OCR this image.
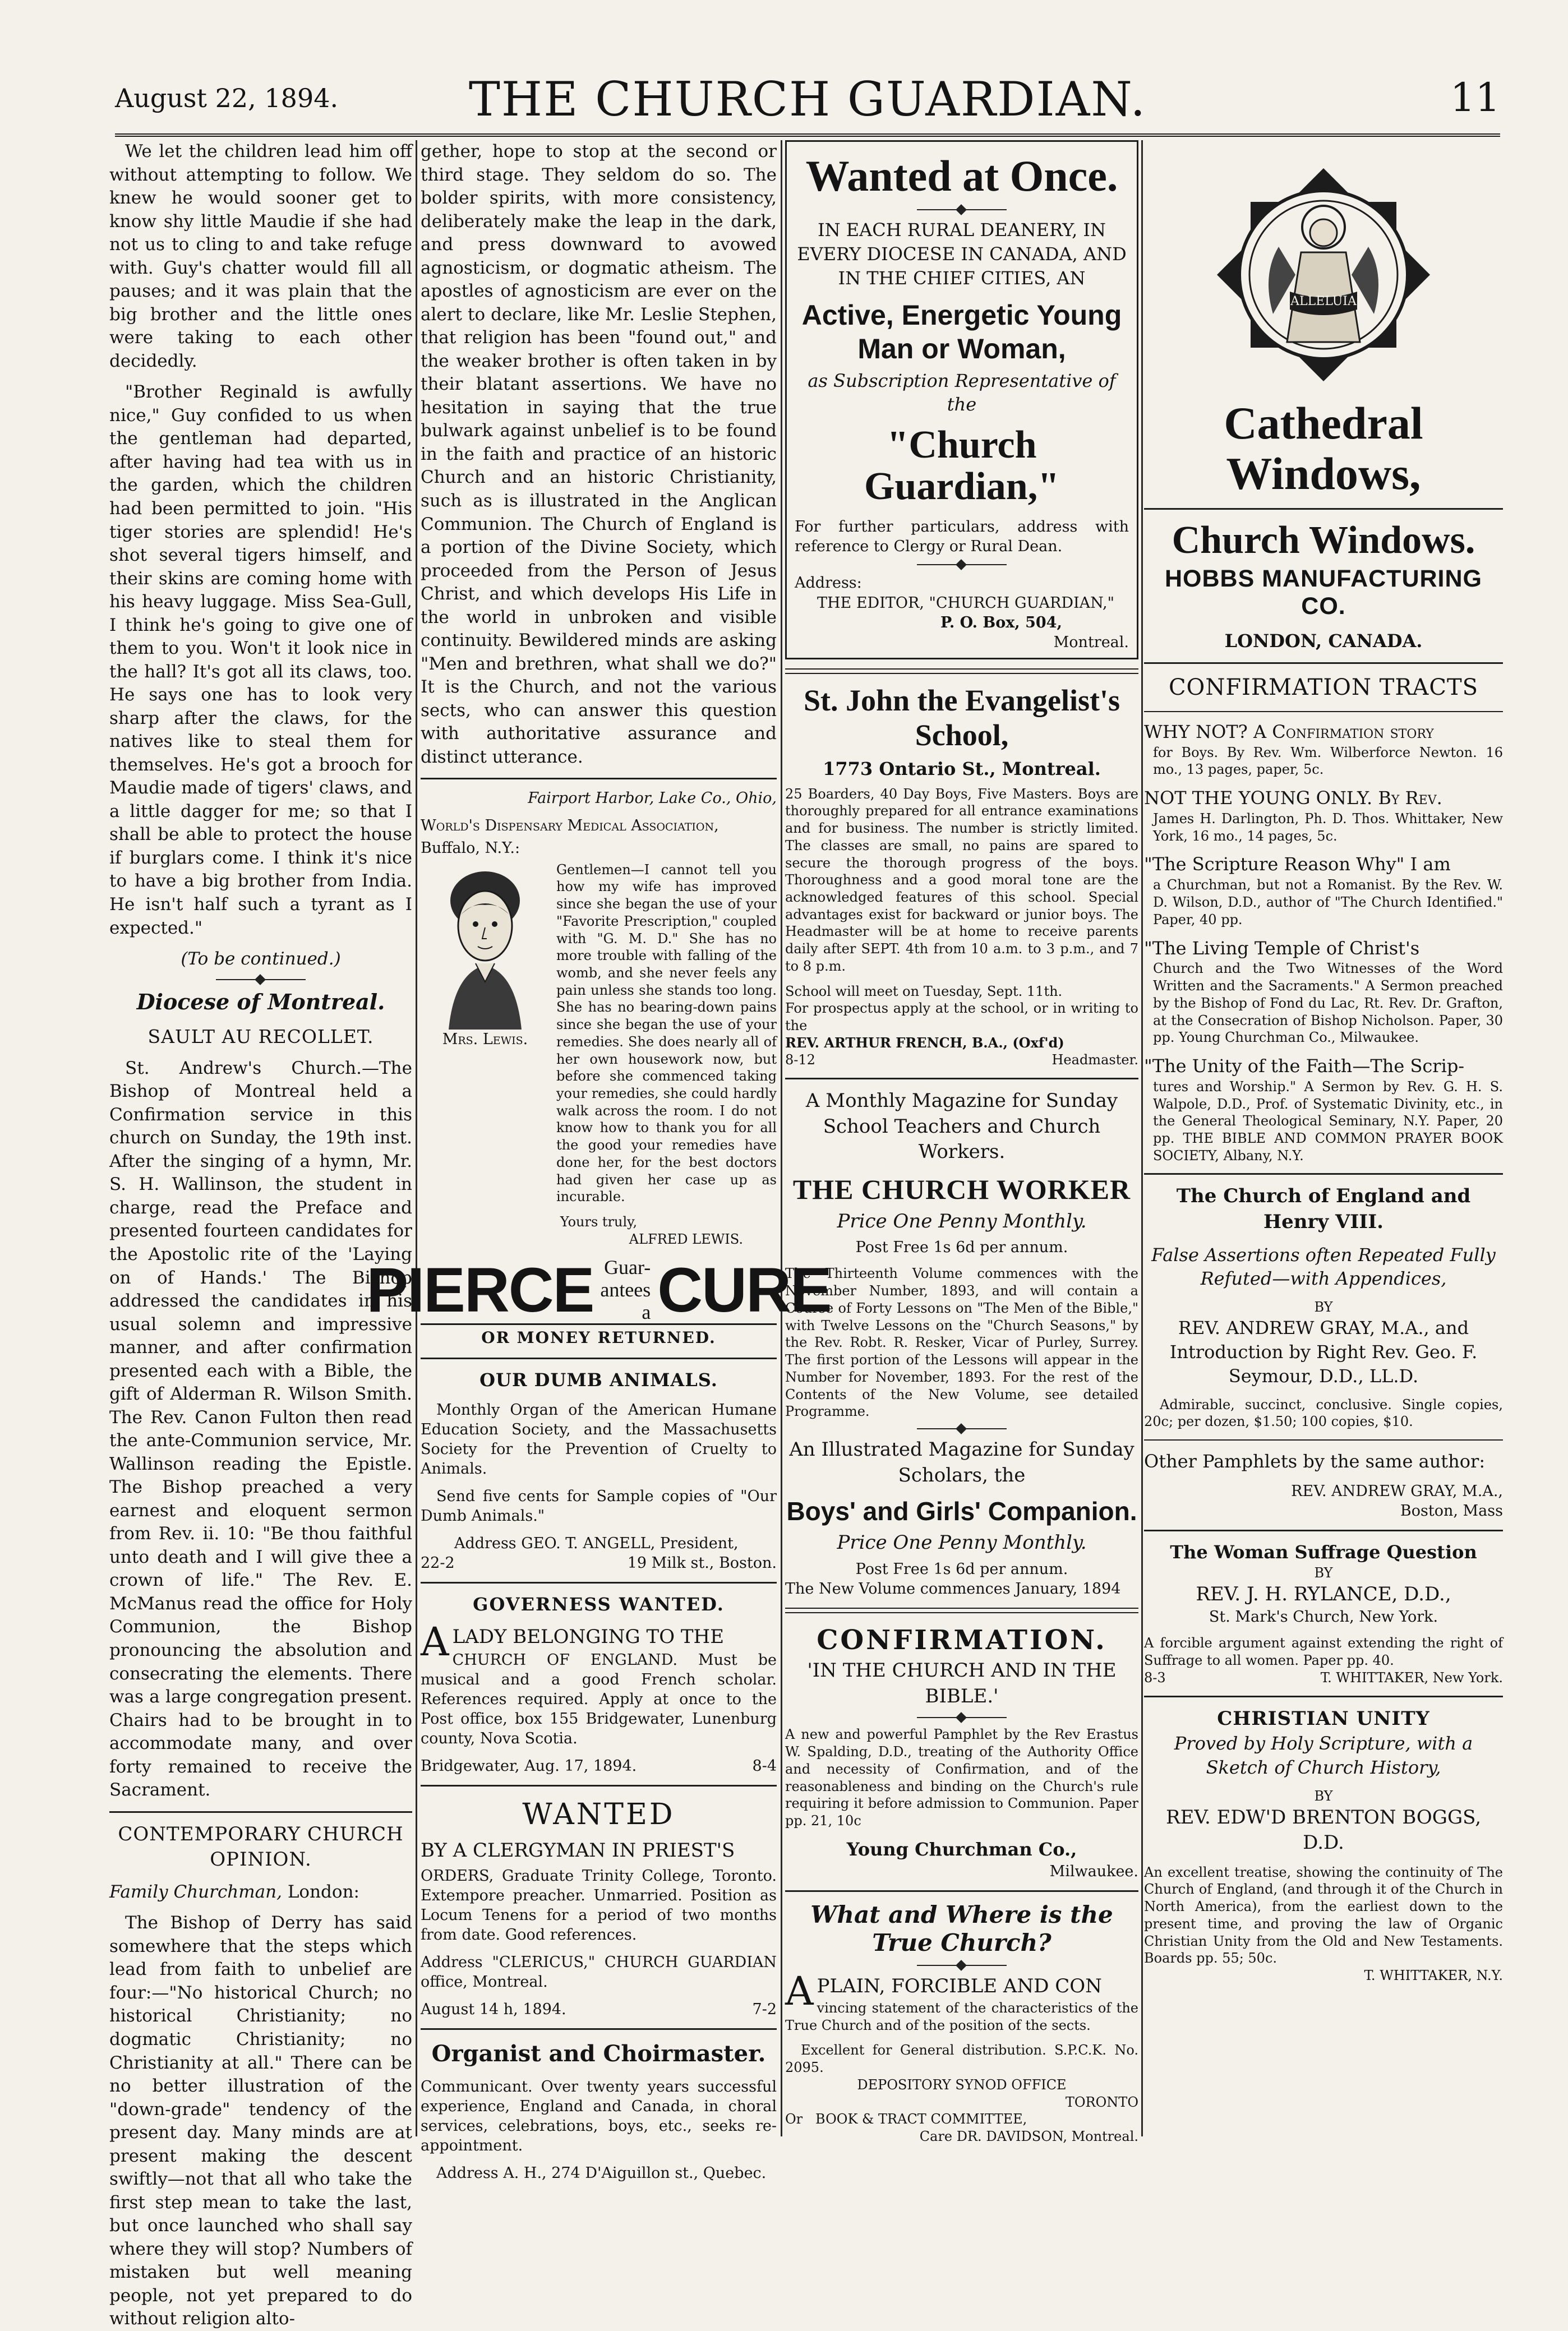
August 22, 1894.	THE CHURCH GUARDIAN.	11

We let the children lead him off without attempting to follow. We knew he would sooner get to know shy little Maudie if she had not us to cling to and take refuge with. Guy's chatter would fill all pauses; and it was plain that the big brother and the little ones were taking to each other decidedly.

"Brother Reginald is awfully nice," Guy confided to us when the gentleman had departed, after having had tea with us in the garden, which the children had been permitted to join. "His tiger stories are splendid! He's shot several tigers himself, and their skins are coming home with his heavy luggage. Miss Sea-Gull, I think he's going to give one of them to you. Won't it look nice in the hall? It's got all its claws, too. He says one has to look very sharp after the claws, for the natives like to steal them for themselves. He's got a brooch for Maudie made of tigers' claws, and a little dagger for me; so that I shall be able to protect the house if burglars come. I think it's nice to have a big brother from India. He isn't half such a tyrant as I expected."

(To be continued.)

Diocese of Montreal.

SAULT AU RECOLLET.

St. Andrew's Church.—The Bishop of Montreal held a Confirmation service in this church on Sunday, the 19th inst. After the singing of a hymn, Mr. S. H. Wallinson, the student in charge, read the Preface and presented fourteen candidates for the Apostolic rite of the 'Laying on of Hands.' The Bishop addressed the candidates in his usual solemn and impressive manner, and after confirmation presented each with a Bible, the gift of Alderman R. Wilson Smith. The Rev. Canon Fulton then read the ante-Communion service, Mr. Wallinson reading the Epistle. The Bishop preached a very earnest and eloquent sermon from Rev. ii. 10: "Be thou faithful unto death and I will give thee a crown of life." The Rev. E. McManus read the office for Holy Communion, the Bishop pronouncing the absolution and consecrating the elements. There was a large congregation present. Chairs had to be brought in to accommodate many, and over forty remained to receive the Sacrament.

CONTEMPORARY CHURCH OPINION.

Family Churchman, London:

The Bishop of Derry has said somewhere that the steps which lead from faith to unbelief are four:—"No historical Church; no historical Christianity; no dogmatic Christianity; no Christianity at all." There can be no better illustration of the "down-grade" tendency of the present day. Many minds are at present making the descent swiftly—not that all who take the first step mean to take the last, but once launched who shall say where they will stop? Numbers of mistaken but well meaning people, not yet prepared to do without religion alto-

gether, hope to stop at the second or third stage. They seldom do so. The bolder spirits, with more consistency, deliberately make the leap in the dark, and press downward to avowed agnosticism, or dogmatic atheism. The apostles of agnosticism are ever on the alert to declare, like Mr. Leslie Stephen, that religion has been "found out," and the weaker brother is often taken in by their blatant assertions. We have no hesitation in saying that the true bulwark against unbelief is to be found in the faith and practice of an historic Church and an historic Christianity, such as is illustrated in the Anglican Communion. The Church of England is a portion of the Divine Society, which proceeded from the Person of Jesus Christ, and which develops His Life in the world in unbroken and visible continuity. Bewildered minds are asking "Men and brethren, what shall we do?" It is the Church, and not the various sects, who can answer this question with authoritative assurance and distinct utterance.

Fairport Harbor, Lake Co., Ohio,

World's Dispensary Medical Association,

Buffalo, N.Y.:

Mrs. Lewis.

Gentlemen—I cannot tell you how my wife has improved since she began the use of your "Favorite Prescription," coupled with "G. M. D." She has no more trouble with falling of the womb, and she never feels any pain unless she stands too long. She has no bearing-down pains since she began the use of your remedies. She does nearly all of her own housework now, but before she commenced taking your remedies, she could hardly walk across the room. I do not know how to thank you for all the good your remedies have done her, for the best doctors had given her case up as incurable.

Yours truly,

ALFRED LEWIS.

PIERCE Guar-
antees a CURE

OR MONEY RETURNED.

OUR DUMB ANIMALS.

Monthly Organ of the American Humane Education Society, and the Massachusetts Society for the Prevention of Cruelty to Animals.

Send five cents for Sample copies of "Our Dumb Animals."

Address GEO. T. ANGELL, President,

22-2	19 Milk st., Boston.

GOVERNESS WANTED.

ALADY BELONGING TO THE

CHURCH OF ENGLAND. Must be musical and a good French scholar. References required. Apply at once to the Post office, box 155 Bridgewater, Lunenburg county, Nova Scotia.

Bridgewater, Aug. 17, 1894.	8-4

WANTED

BY A CLERGYMAN IN PRIEST'S

ORDERS, Graduate Trinity College, Toronto. Extempore preacher. Unmarried. Position as Locum Tenens for a period of two months from date. Good references.

Address "CLERICUS," CHURCH GUARDIAN office, Montreal.

August 14 h, 1894.	7-2

Organist and Choirmaster.

Communicant. Over twenty years successful experience, England and Canada, in choral services, celebrations, boys, etc., seeks re-appointment.

Address A. H., 274 D'Aiguillon st., Quebec.

Wanted at Once.

IN EACH RURAL DEANERY, IN EVERY DIOCESE IN CANADA, AND IN THE CHIEF CITIES, AN

Active, Energetic Young Man or Woman,

as Subscription Representative of the

"Church Guardian,"

For further particulars, address with reference to Clergy or Rural Dean.

Address:

THE EDITOR, "CHURCH GUARDIAN,"

P. O. Box, 504,

Montreal.

St. John the Evangelist's School,

1773 Ontario St., Montreal.

25 Boarders, 40 Day Boys, Five Masters. Boys are thoroughly prepared for all entrance examinations and for business. The number is strictly limited. The classes are small, no pains are spared to secure the thorough progress of the boys. Thoroughness and a good moral tone are the acknowledged features of this school. Special advantages exist for backward or junior boys. The Headmaster will be at home to receive parents daily after SEPT. 4th from 10 a.m. to 3 p.m., and 7 to 8 p.m.

School will meet on Tuesday, Sept. 11th.

For prospectus apply at the school, or in writing to the

REV. ARTHUR FRENCH, B.A., (Oxf'd)

8-12	Headmaster.

A Monthly Magazine for Sunday School Teachers and Church Workers.

THE CHURCH WORKER

Price One Penny Monthly.

Post Free 1s 6d per annum.

The Thirteenth Volume commences with the November Number, 1893, and will contain a Course of Forty Lessons on "The Men of the Bible," with Twelve Lessons on the "Church Seasons," by the Rev. Robt. R. Resker, Vicar of Purley, Surrey. The first portion of the Lessons will appear in the Number for November, 1893. For the rest of the Contents of the New Volume, see detailed Programme.

An Illustrated Magazine for Sunday Scholars, the

Boys' and Girls' Companion.

Price One Penny Monthly.

Post Free 1s 6d per annum.

The New Volume commences January, 1894

CONFIRMATION.

'IN THE CHURCH AND IN THE BIBLE.'

A new and powerful Pamphlet by the Rev Erastus W. Spalding, D.D., treating of the Authority Office and necessity of Confirmation, and of the reasonableness and binding on the Church's rule requiring it before admission to Communion. Paper pp. 21, 10c

Young Churchman Co.,

Milwaukee.

What and Where is the True Church?

APLAIN, FORCIBLE AND CON

vincing statement of the characteristics of the True Church and of the position of the sects.

Excellent for General distribution. S.P.C.K. No. 2095.

DEPOSITORY SYNOD OFFICE

TORONTO

Or BOOK & TRACT COMMITTEE,

Care DR. DAVIDSON, Montreal.

ALLELUIA
Cathedral Windows,
Church Windows.
HOBBS MANUFACTURING CO.

LONDON, CANADA.

CONFIRMATION TRACTS

WHY NOT? A Confirmation story

for Boys. By Rev. Wm. Wilberforce Newton. 16 mo., 13 pages, paper, 5c.

NOT THE YOUNG ONLY. By Rev.

James H. Darlington, Ph. D. Thos. Whittaker, New York, 16 mo., 14 pages, 5c.

"The Scripture Reason Why" I am

a Churchman, but not a Romanist. By the Rev. W. D. Wilson, D.D., author of "The Church Identified." Paper, 40 pp.

"The Living Temple of Christ's

Church and the Two Witnesses of the Word Written and the Sacraments." A Sermon preached by the Bishop of Fond du Lac, Rt. Rev. Dr. Grafton, at the Consecration of Bishop Nicholson. Paper, 30 pp. Young Churchman Co., Milwaukee.

"The Unity of the Faith—The Scrip-

tures and Worship." A Sermon by Rev. G. H. S. Walpole, D.D., Prof. of Systematic Divinity, etc., in the General Theological Seminary, N.Y. Paper, 20 pp. THE BIBLE AND COMMON PRAYER BOOK SOCIETY, Albany, N.Y.

The Church of England and Henry VIII.

False Assertions often Repeated Fully Refuted—with Appendices,

BY

REV. ANDREW GRAY, M.A., and Introduction by Right Rev. Geo. F. Seymour, D.D., LL.D.

Admirable, succinct, conclusive. Single copies, 20c; per dozen, $1.50; 100 copies, $10.

Other Pamphlets by the same author:

REV. ANDREW GRAY, M.A.,

Boston, Mass

The Woman Suffrage Question

BY

REV. J. H. RYLANCE, D.D.,

St. Mark's Church, New York.

A forcible argument against extending the right of Suffrage to all women. Paper pp. 40.

8-3	T. WHITTAKER, New York.

CHRISTIAN UNITY

Proved by Holy Scripture, with a Sketch of Church History,

BY

REV. EDW'D BRENTON BOGGS, D.D.

An excellent treatise, showing the continuity of The Church of England, (and through it of the Church in North America), from the earliest down to the present time, and proving the law of Organic Christian Unity from the Old and New Testaments. Boards pp. 55; 50c.

T. WHITTAKER, N.Y.
